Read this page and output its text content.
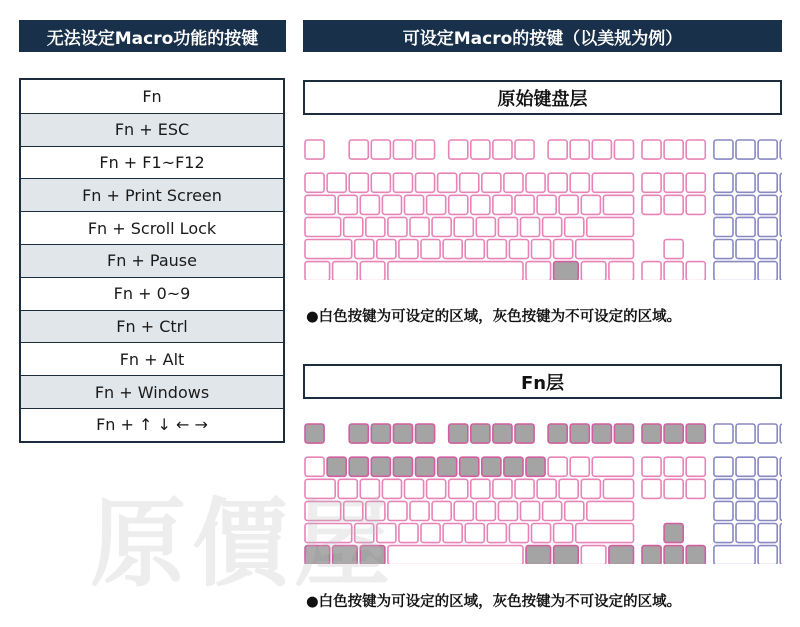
无法设定Macro功能的按键	可设定Macro的按键（以美规为例）
Fn
Fn + ESC
Fn + F1~F12
Fn + Print Screen
Fn + Scroll Lock
Fn + Pause
Fn + 0~9
Fn + Ctrl
Fn + Alt
Fn + Windows
Fn + ↑ ↓ ← →
原始键盘层
●白色按键为可设定的区域，灰色按键为不可设定的区域。
Fn层
●白色按键为可设定的区域，灰色按键为不可设定的区域。
原價屋
